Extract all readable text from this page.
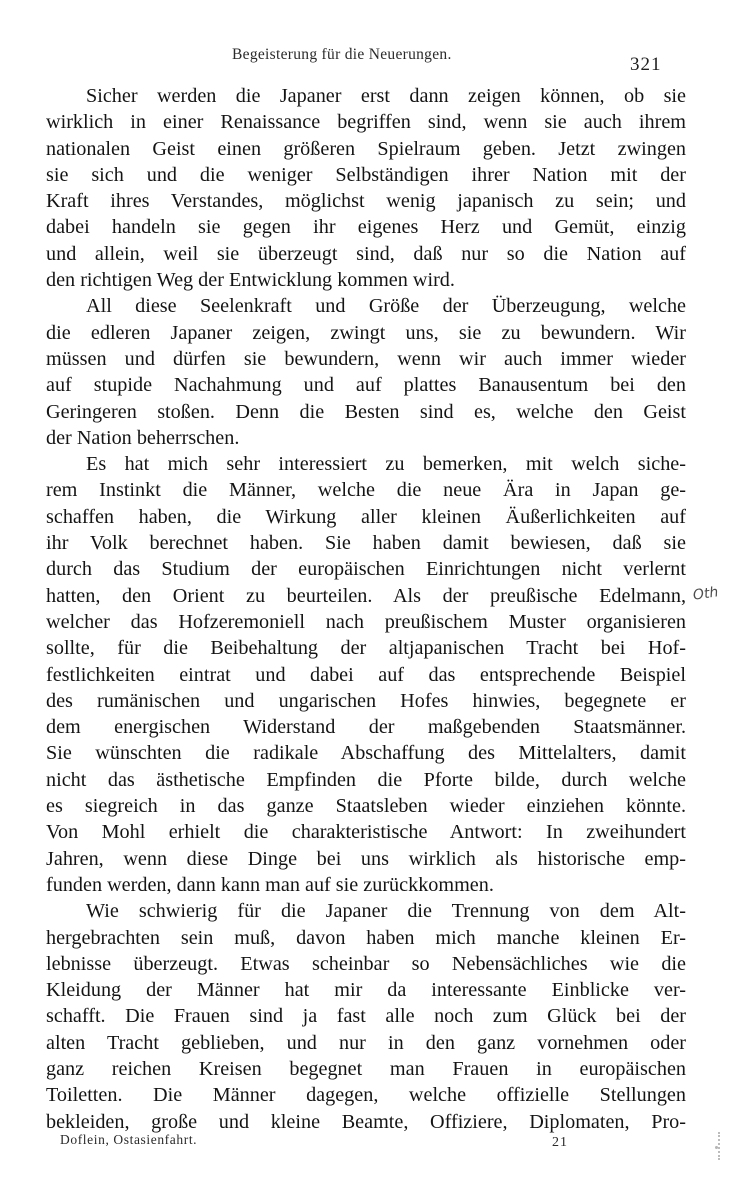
Begeisterung für die Neuerungen.	321
Sicher werden die Japaner erst dann zeigen können, ob sie
wirklich in einer Renaissance begriffen sind, wenn sie auch ihrem
nationalen Geist einen größeren Spielraum geben. Jetzt zwingen
sie sich und die weniger Selbständigen ihrer Nation mit der
Kraft ihres Verstandes, möglichst wenig japanisch zu sein; und
dabei handeln sie gegen ihr eigenes Herz und Gemüt, einzig
und allein, weil sie überzeugt sind, daß nur so die Nation auf
den richtigen Weg der Entwicklung kommen wird.
All diese Seelenkraft und Größe der Überzeugung, welche
die edleren Japaner zeigen, zwingt uns, sie zu bewundern. Wir
müssen und dürfen sie bewundern, wenn wir auch immer wieder
auf stupide Nachahmung und auf plattes Banausentum bei den
Geringeren stoßen. Denn die Besten sind es, welche den Geist
der Nation beherrschen.
Es hat mich sehr interessiert zu bemerken, mit welch siche-
rem Instinkt die Männer, welche die neue Ära in Japan ge-
schaffen haben, die Wirkung aller kleinen Äußerlichkeiten auf
ihr Volk berechnet haben. Sie haben damit bewiesen, daß sie
durch das Studium der europäischen Einrichtungen nicht verlernt
hatten, den Orient zu beurteilen. Als der preußische Edelmann,
welcher das Hofzeremoniell nach preußischem Muster organisieren
sollte, für die Beibehaltung der altjapanischen Tracht bei Hof-
festlichkeiten eintrat und dabei auf das entsprechende Beispiel
des rumänischen und ungarischen Hofes hinwies, begegnete er
dem energischen Widerstand der maßgebenden Staatsmänner.
Sie wünschten die radikale Abschaffung des Mittelalters, damit
nicht das ästhetische Empfinden die Pforte bilde, durch welche
es siegreich in das ganze Staatsleben wieder einziehen könnte.
Von Mohl erhielt die charakteristische Antwort: In zweihundert
Jahren, wenn diese Dinge bei uns wirklich als historische emp-
funden werden, dann kann man auf sie zurückkommen.
Wie schwierig für die Japaner die Trennung von dem Alt-
hergebrachten sein muß, davon haben mich manche kleinen Er-
lebnisse überzeugt. Etwas scheinbar so Nebensächliches wie die
Kleidung der Männer hat mir da interessante Einblicke ver-
schafft. Die Frauen sind ja fast alle noch zum Glück bei der
alten Tracht geblieben, und nur in den ganz vornehmen oder
ganz reichen Kreisen begegnet man Frauen in europäischen
Toiletten. Die Männer dagegen, welche offizielle Stellungen
bekleiden, große und kleine Beamte, Offiziere, Diplomaten, Pro-
Oth
Doflein, Ostasienfahrt.	21
